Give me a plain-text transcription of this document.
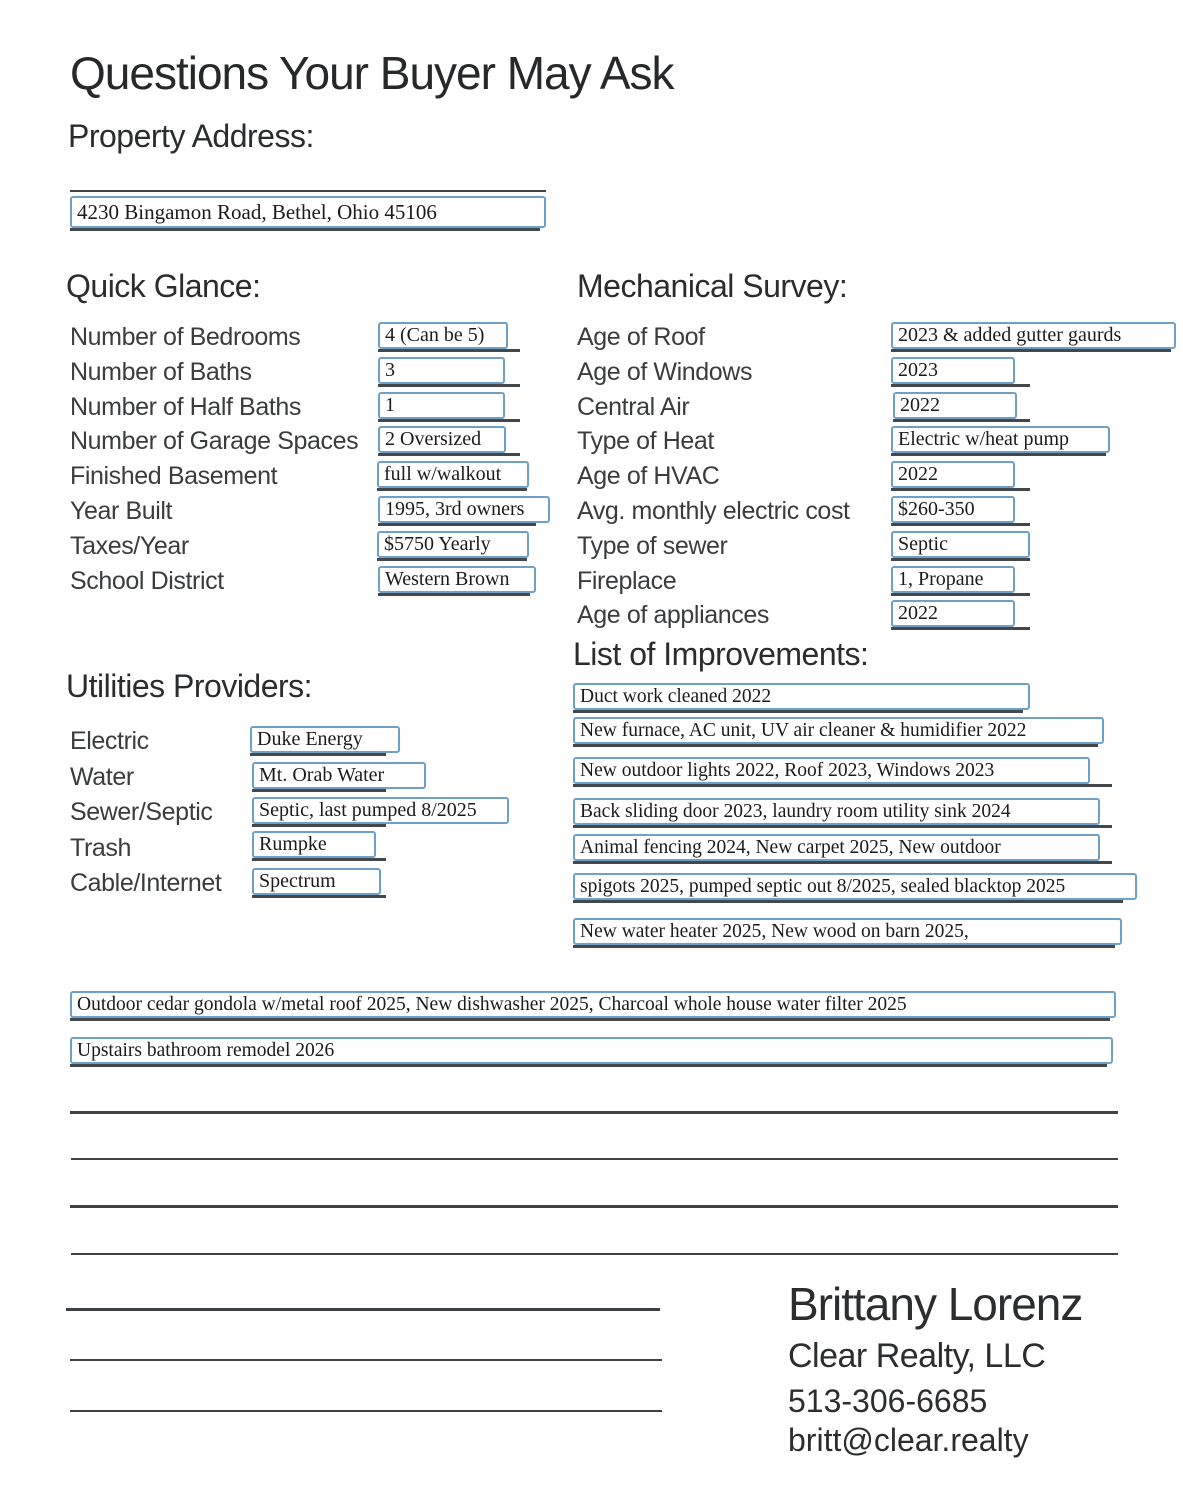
Questions Your Buyer May Ask
Property Address:
4230 Bingamon Road, Bethel, Ohio 45106
Quick Glance:
Number of Bedrooms
4 (Can be 5)
Number of Baths
3
Number of Half Baths
1
Number of Garage Spaces
2 Oversized
Finished Basement
full w/walkout
Year Built
1995, 3rd owners
Taxes/Year
$5750 Yearly
School District
Western Brown
Mechanical Survey:
Age of Roof
2023 & added gutter gaurds
Age of Windows
2023
Central Air
2022
Type of Heat
Electric w/heat pump
Age of HVAC
2022
Avg. monthly electric cost
$260-350
Type of sewer
Septic
Fireplace
1, Propane
Age of appliances
2022
Utilities Providers:
Electric
Duke Energy
Water
Mt. Orab Water
Sewer/Septic
Septic, last pumped 8/2025
Trash
Rumpke
Cable/Internet
Spectrum
List of Improvements:
Duct work cleaned 2022
New furnace, AC unit, UV air cleaner & humidifier 2022
New outdoor lights 2022, Roof 2023, Windows 2023
Back sliding door 2023, laundry room utility sink 2024
Animal fencing 2024, New carpet 2025, New outdoor
spigots 2025, pumped septic out 8/2025, sealed blacktop 2025
New water heater 2025, New wood on barn 2025,
Outdoor cedar gondola w/metal roof 2025, New dishwasher 2025, Charcoal whole house water filter 2025
Upstairs bathroom remodel 2026
Brittany Lorenz
Clear Realty, LLC
513-306-6685
britt@clear.realty
